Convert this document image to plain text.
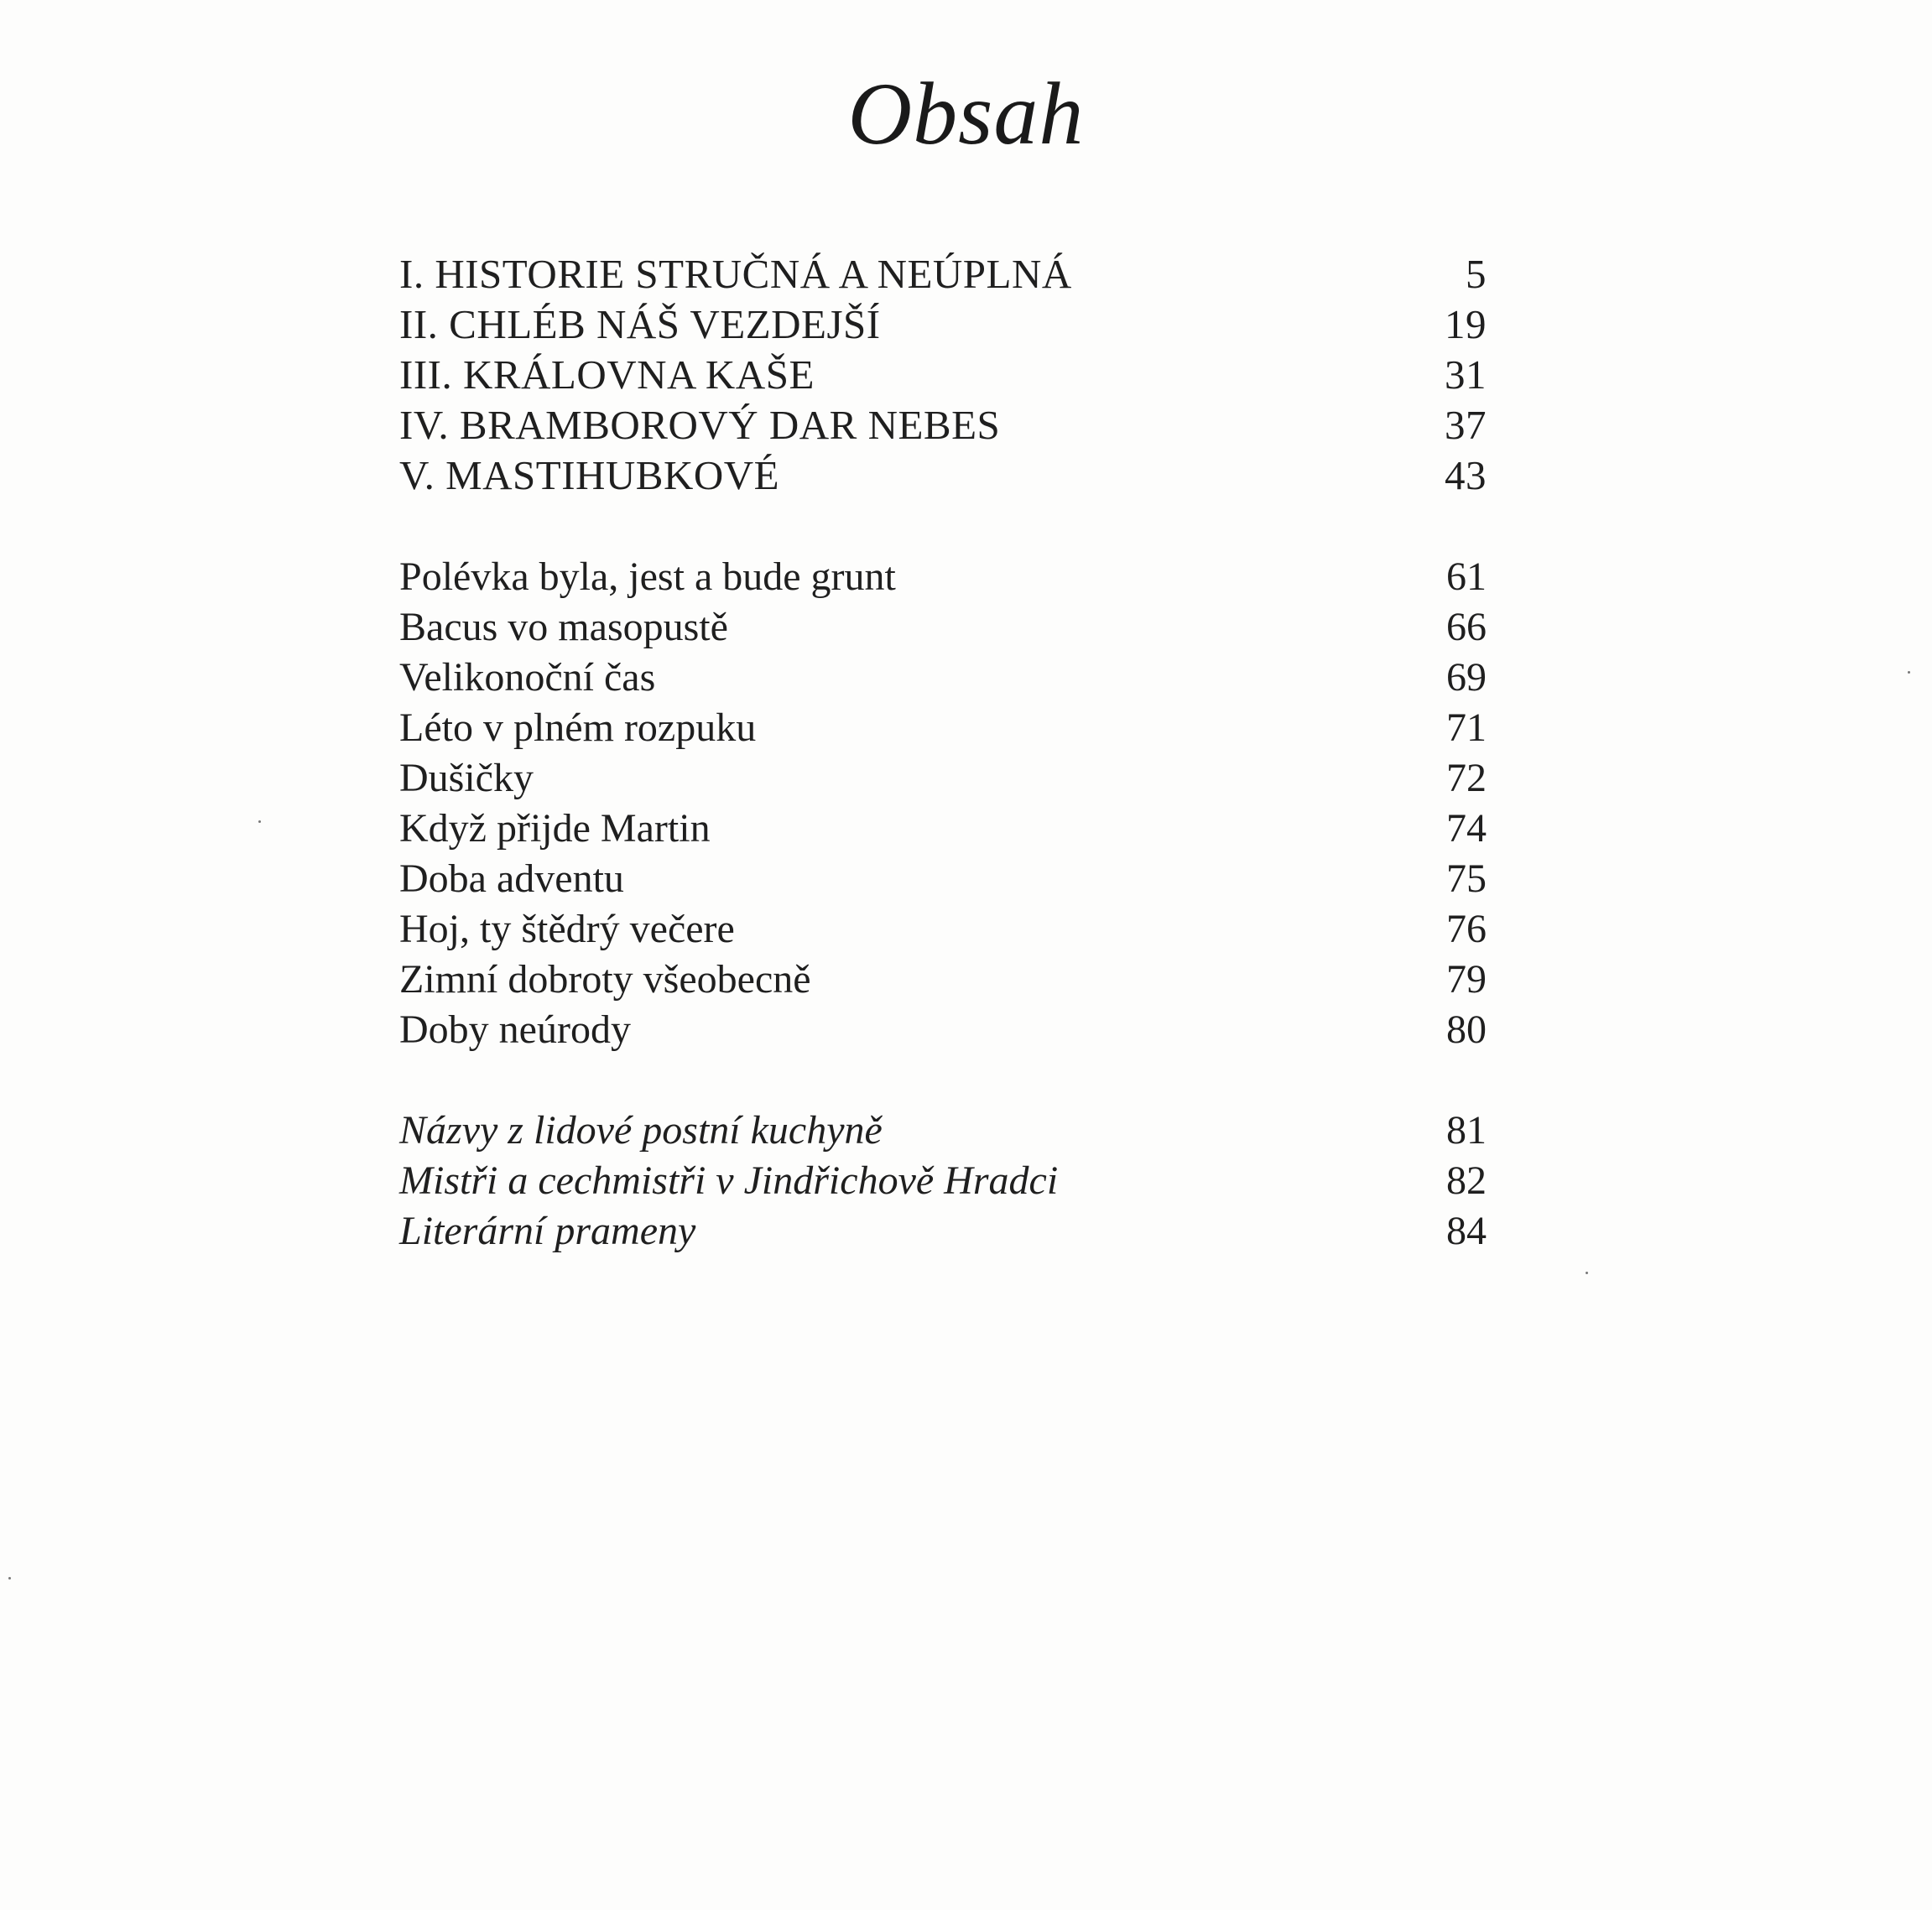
Obsah
I. HISTORIE STRUČNÁ A NEÚPLNÁ	5
II. CHLÉB NÁŠ VEZDEJŠÍ	19
III. KRÁLOVNA KAŠE	31
IV. BRAMBOROVÝ DAR NEBES	37
V. MASTIHUBKOVÉ	43
Polévka byla, jest a bude grunt	61
Bacus vo masopustě	66
Velikonoční čas	69
Léto v plném rozpuku	71
Dušičky	72
Když přijde Martin	74
Doba adventu	75
Hoj, ty štědrý večere	76
Zimní dobroty všeobecně	79
Doby neúrody	80
Názvy z lidové postní kuchyně	81
Mistři a cechmistři v Jindřichově Hradci	82
Literární prameny	84
